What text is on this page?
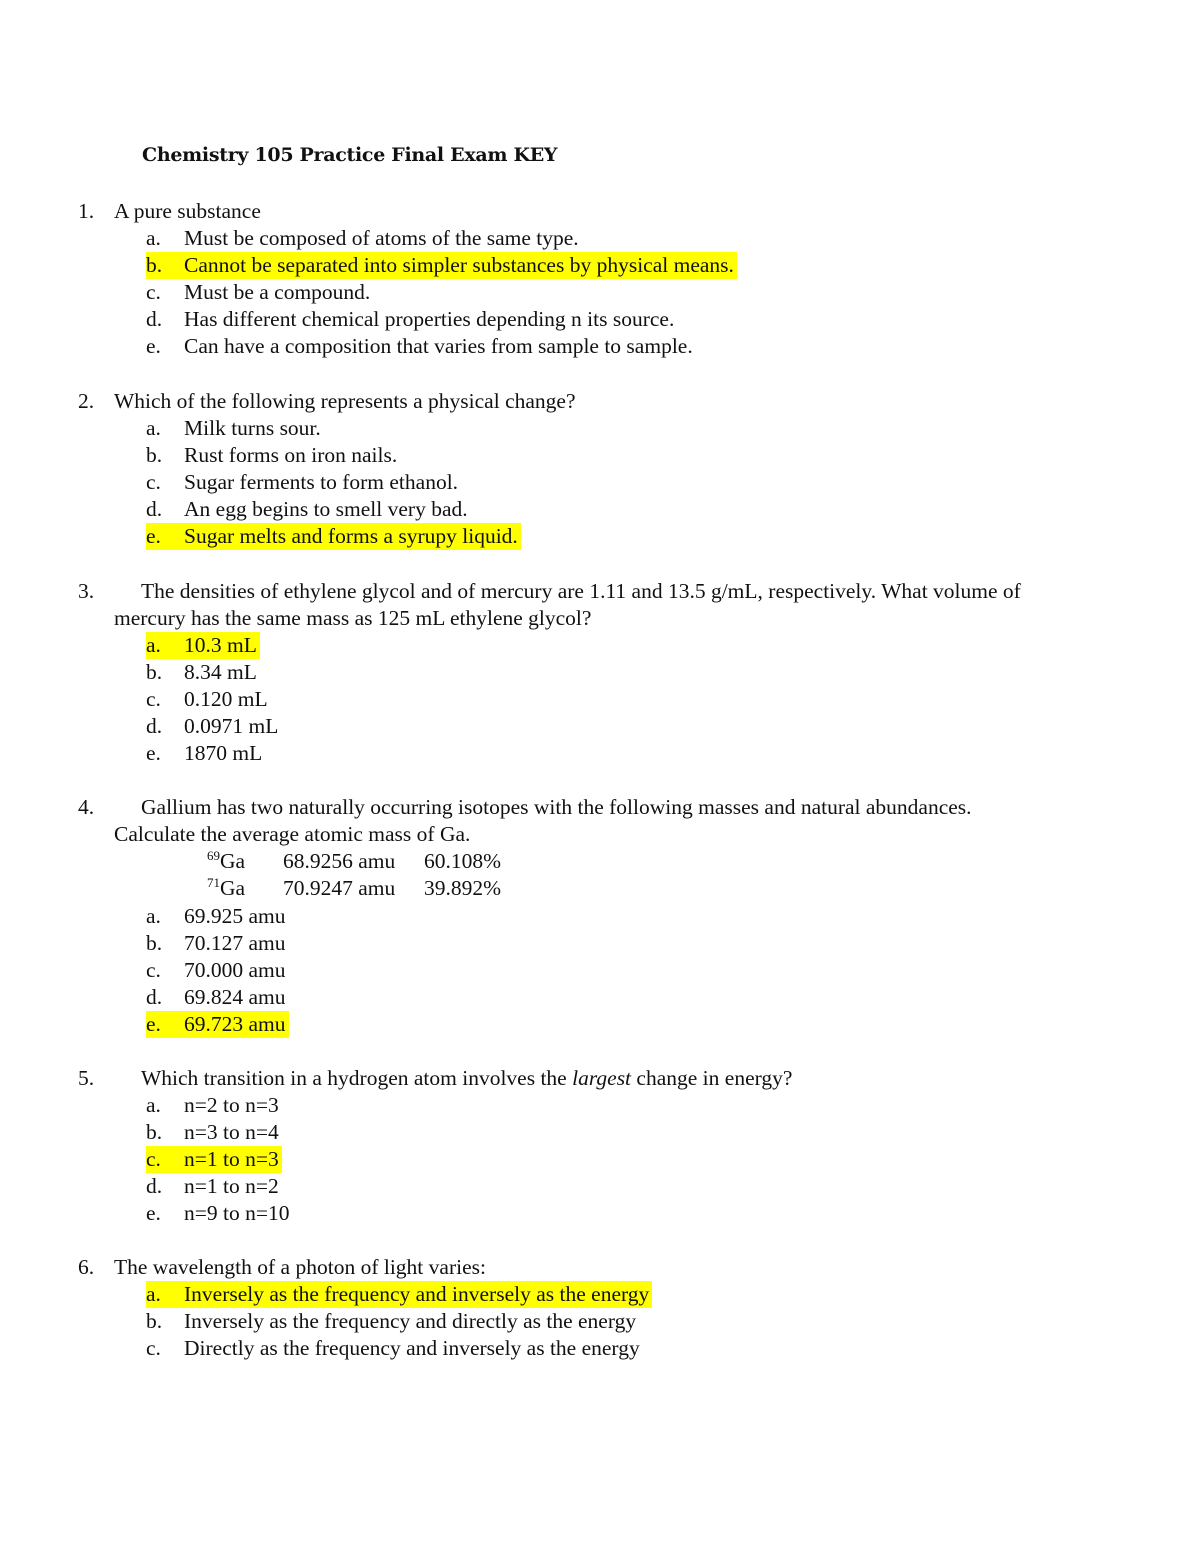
Chemistry 105 Practice Final Exam KEY
1. A pure substance
a. Must be composed of atoms of the same type.
b. Cannot be separated into simpler substances by physical means.
c. Must be a compound.
d. Has different chemical properties depending n its source.
e. Can have a composition that varies from sample to sample.
2. Which of the following represents a physical change?
a. Milk turns sour.
b. Rust forms on iron nails.
c. Sugar ferments to form ethanol.
d. An egg begins to smell very bad.
e. Sugar melts and forms a syrupy liquid.
3. The densities of ethylene glycol and of mercury are 1.11 and 13.5 g/mL, respectively. What volume of
mercury has the same mass as 125 mL ethylene glycol?
a. 10.3 mL
b. 8.34 mL
c. 0.120 mL
d. 0.0971 mL
e. 1870 mL
4. Gallium has two naturally occurring isotopes with the following masses and natural abundances.
Calculate the average atomic mass of Ga.
$^{69}$Ga 68.9256 amu 60.108%
$^{71}$Ga 70.9247 amu 39.892%
a. 69.925 amu
b. 70.127 amu
c. 70.000 amu
d. 69.824 amu
e. 69.723 amu
5. Which transition in a hydrogen atom involves the largest change in energy?
a. n=2 to n=3
b. n=3 to n=4
c. n=1 to n=3
d. n=1 to n=2
e. n=9 to n=10
6. The wavelength of a photon of light varies:
a. Inversely as the frequency and inversely as the energy
b. Inversely as the frequency and directly as the energy
c. Directly as the frequency and inversely as the energy
